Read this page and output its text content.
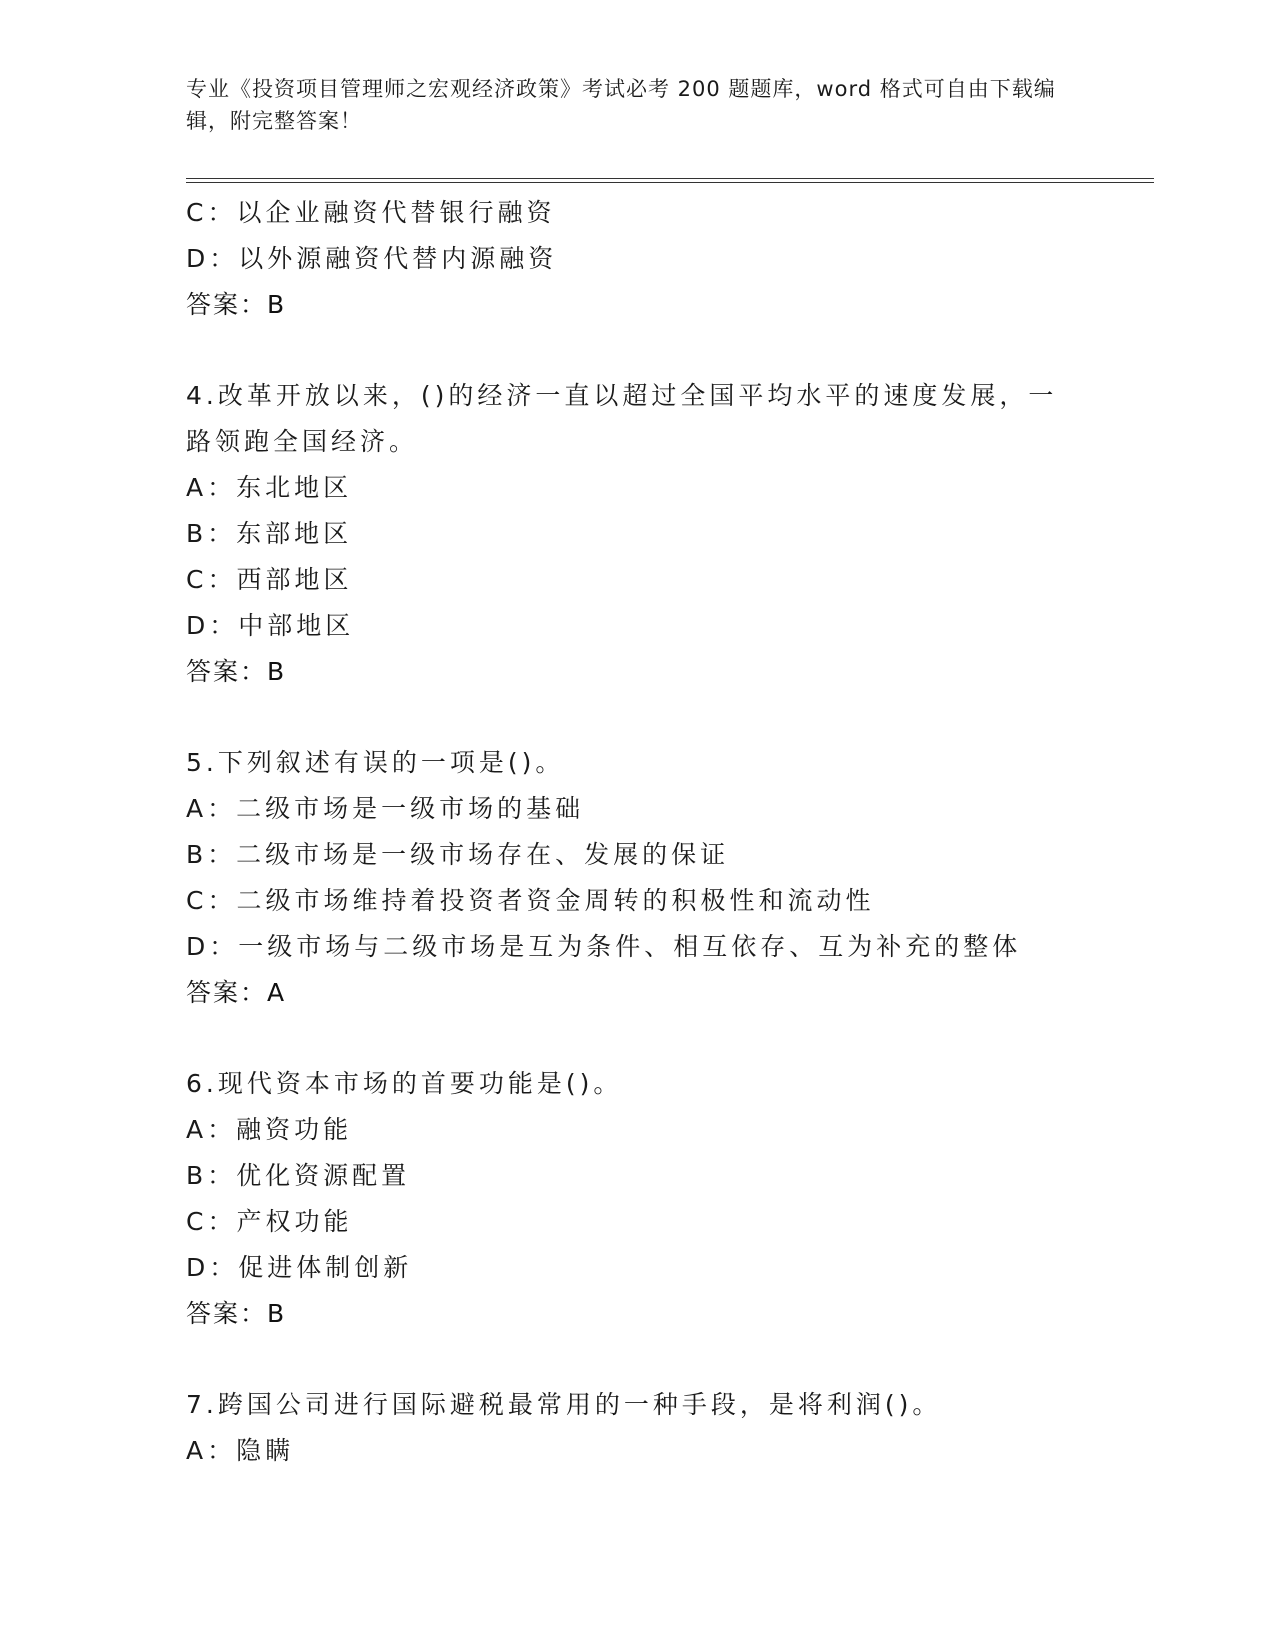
专业《投资项目管理师之宏观经济政策》考试必考 200 题题库，word 格式可自由下载编辑，附完整答案！
C：以企业融资代替银行融资
D：以外源融资代替内源融资
答案：B
4.改革开放以来，()的经济一直以超过全国平均水平的速度发展，一路领跑全国经济。
A：东北地区
B：东部地区
C：西部地区
D：中部地区
答案：B
5.下列叙述有误的一项是()。
A：二级市场是一级市场的基础
B：二级市场是一级市场存在、发展的保证
C：二级市场维持着投资者资金周转的积极性和流动性
D：一级市场与二级市场是互为条件、相互依存、互为补充的整体
答案：A
6.现代资本市场的首要功能是()。
A：融资功能
B：优化资源配置
C：产权功能
D：促进体制创新
答案：B
7.跨国公司进行国际避税最常用的一种手段，是将利润()。
A：隐瞒
